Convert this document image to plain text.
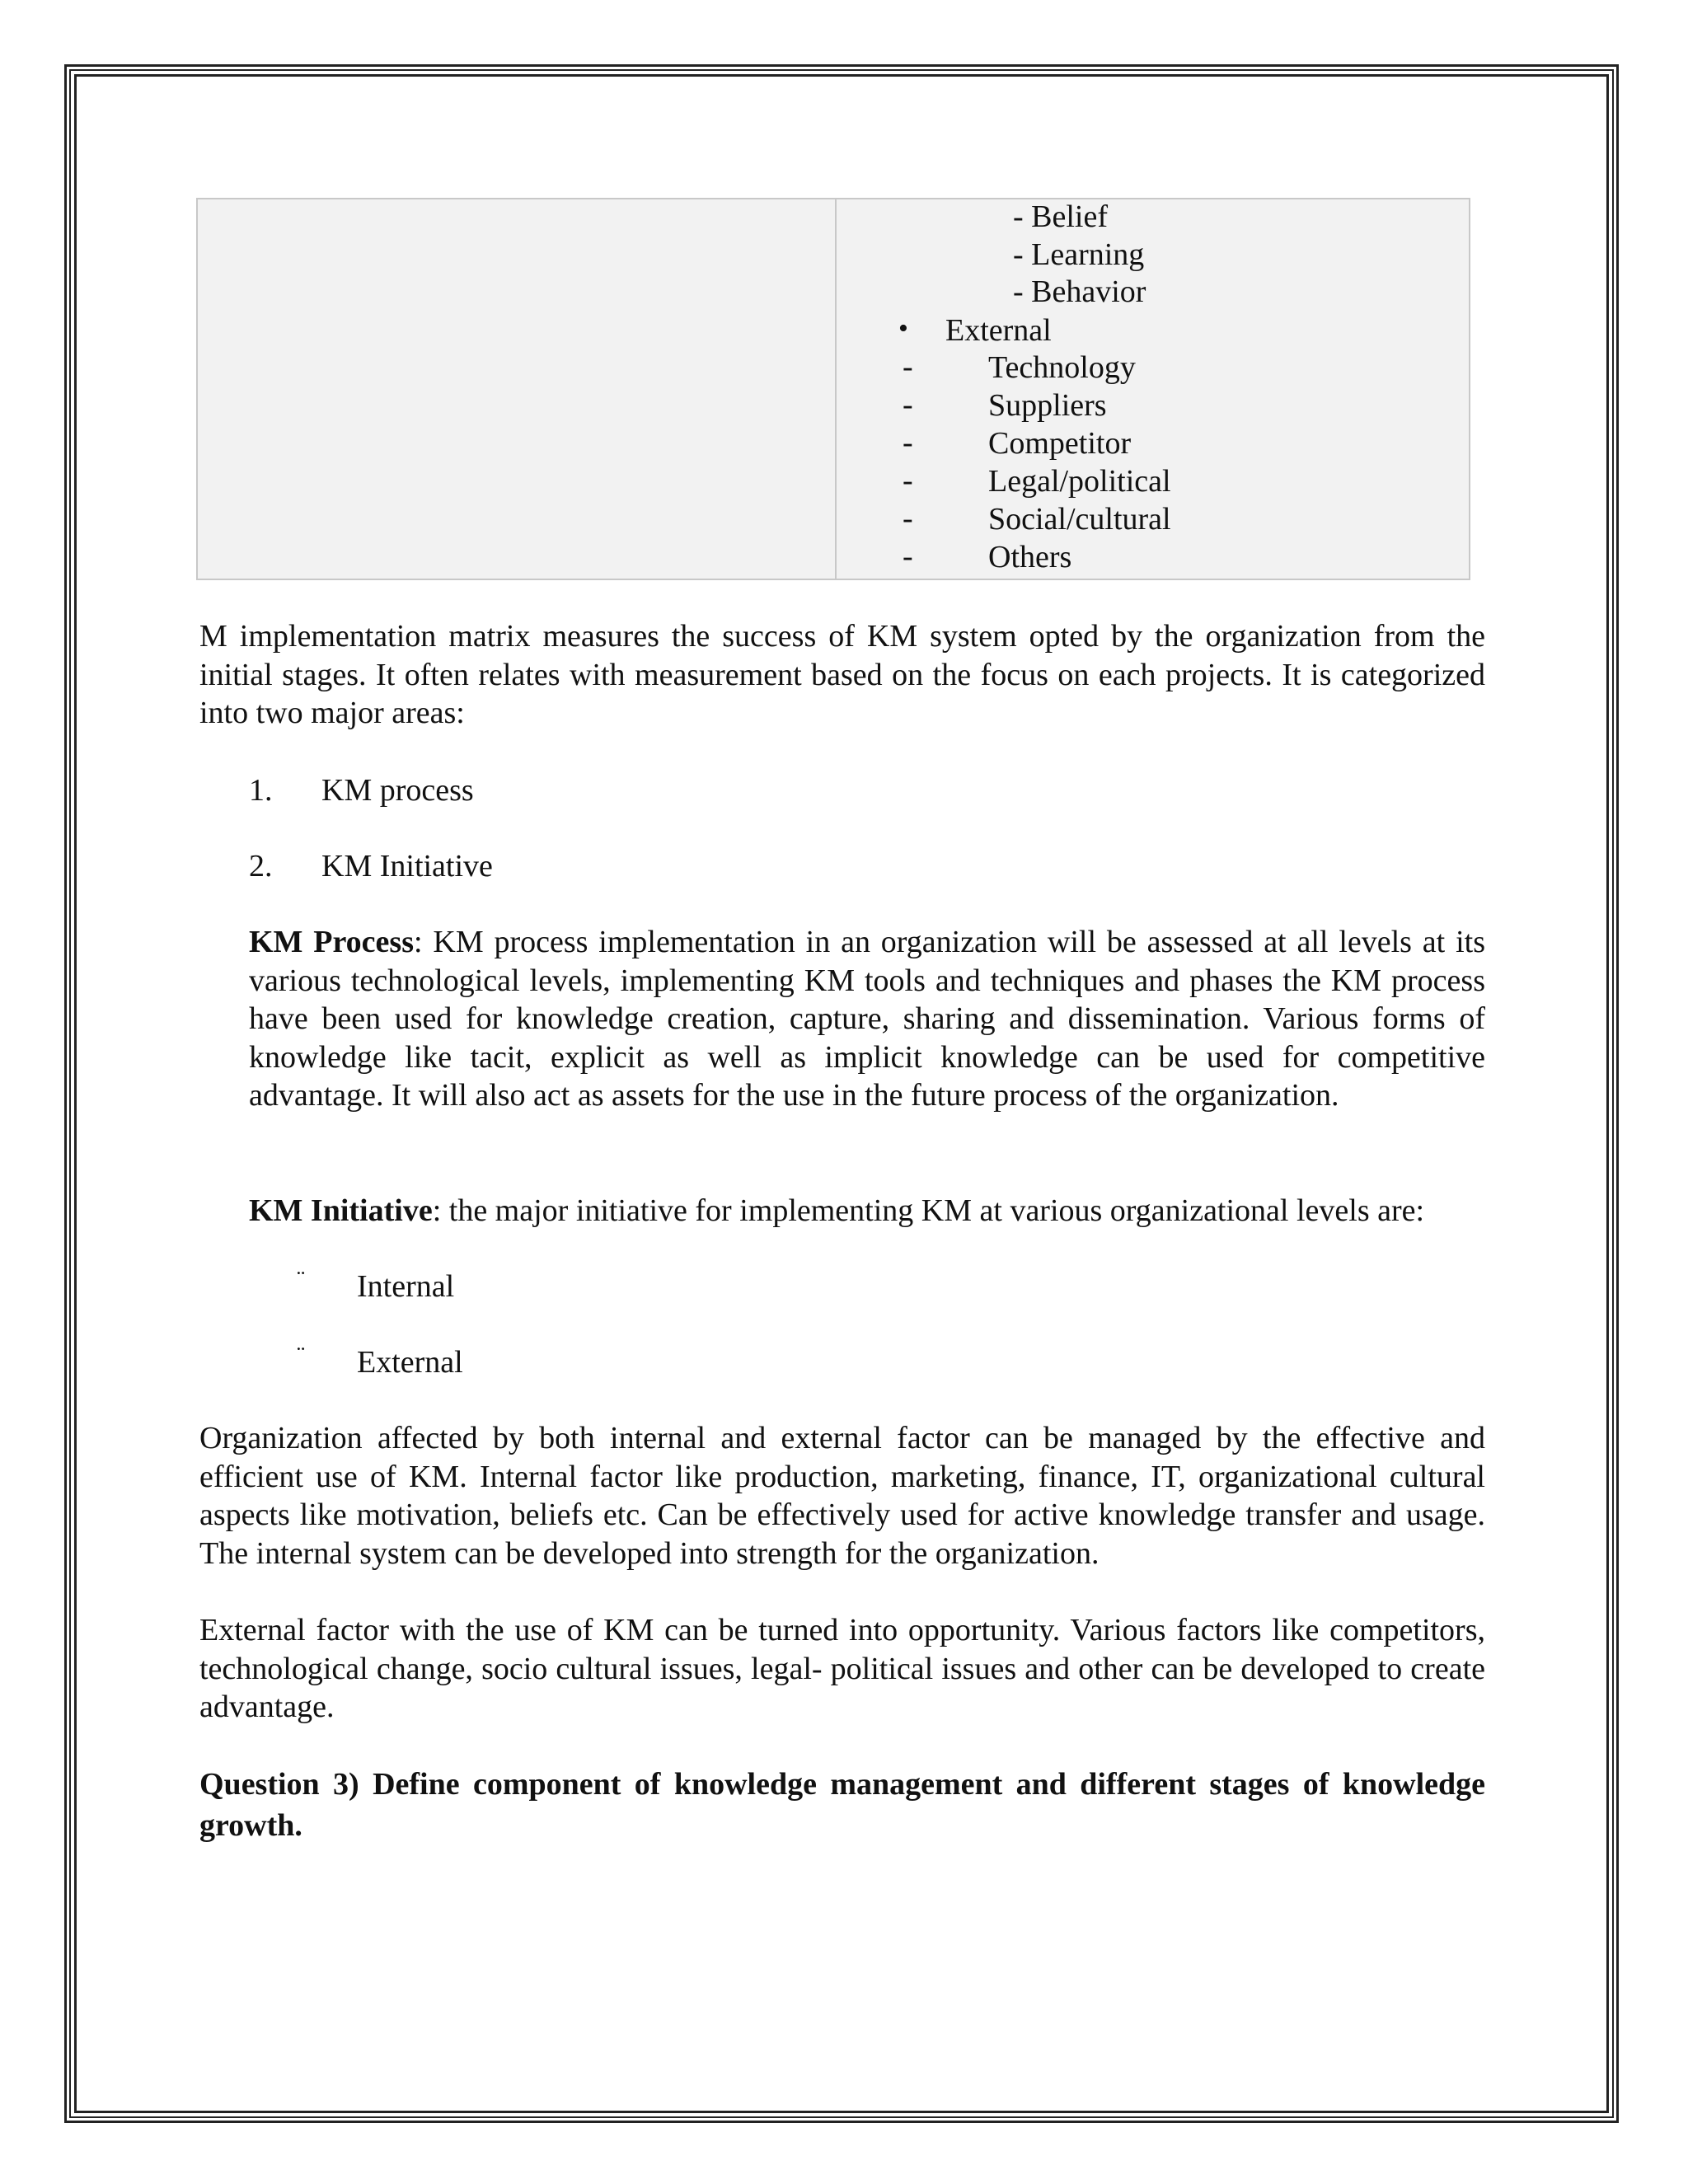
- Belief
- Learning
- Behavior
• External
- Technology
- Suppliers
- Competitor
- Legal/political
- Social/cultural
- Others
M implementation matrix measures the success of KM system opted by the organization from the initial stages. It often relates with measurement based on the focus on each projects. It is categorized into two major areas:
1. KM process
2. KM Initiative
KM Process: KM process implementation in an organization will be assessed at all levels at its various technological levels, implementing KM tools and techniques and phases the KM process have been used for knowledge creation, capture, sharing and dissemination. Various forms of knowledge like tacit, explicit as well as implicit knowledge can be used for competitive advantage. It will also act as assets for the use in the future process of the organization.
KM Initiative: the major initiative for implementing KM at various organizational levels are:
¨ Internal
¨ External
Organization affected by both internal and external factor can be managed by the effective and efficient use of KM. Internal factor like production, marketing, finance, IT, organizational cultural aspects like motivation, beliefs etc. Can be effectively used for active knowledge transfer and usage. The internal system can be developed into strength for the organization.
External factor with the use of KM can be turned into opportunity. Various factors like competitors, technological change, socio cultural issues, legal- political issues and other can be developed to create advantage.
Question 3) Define component of knowledge management and different stages of knowledge growth.
